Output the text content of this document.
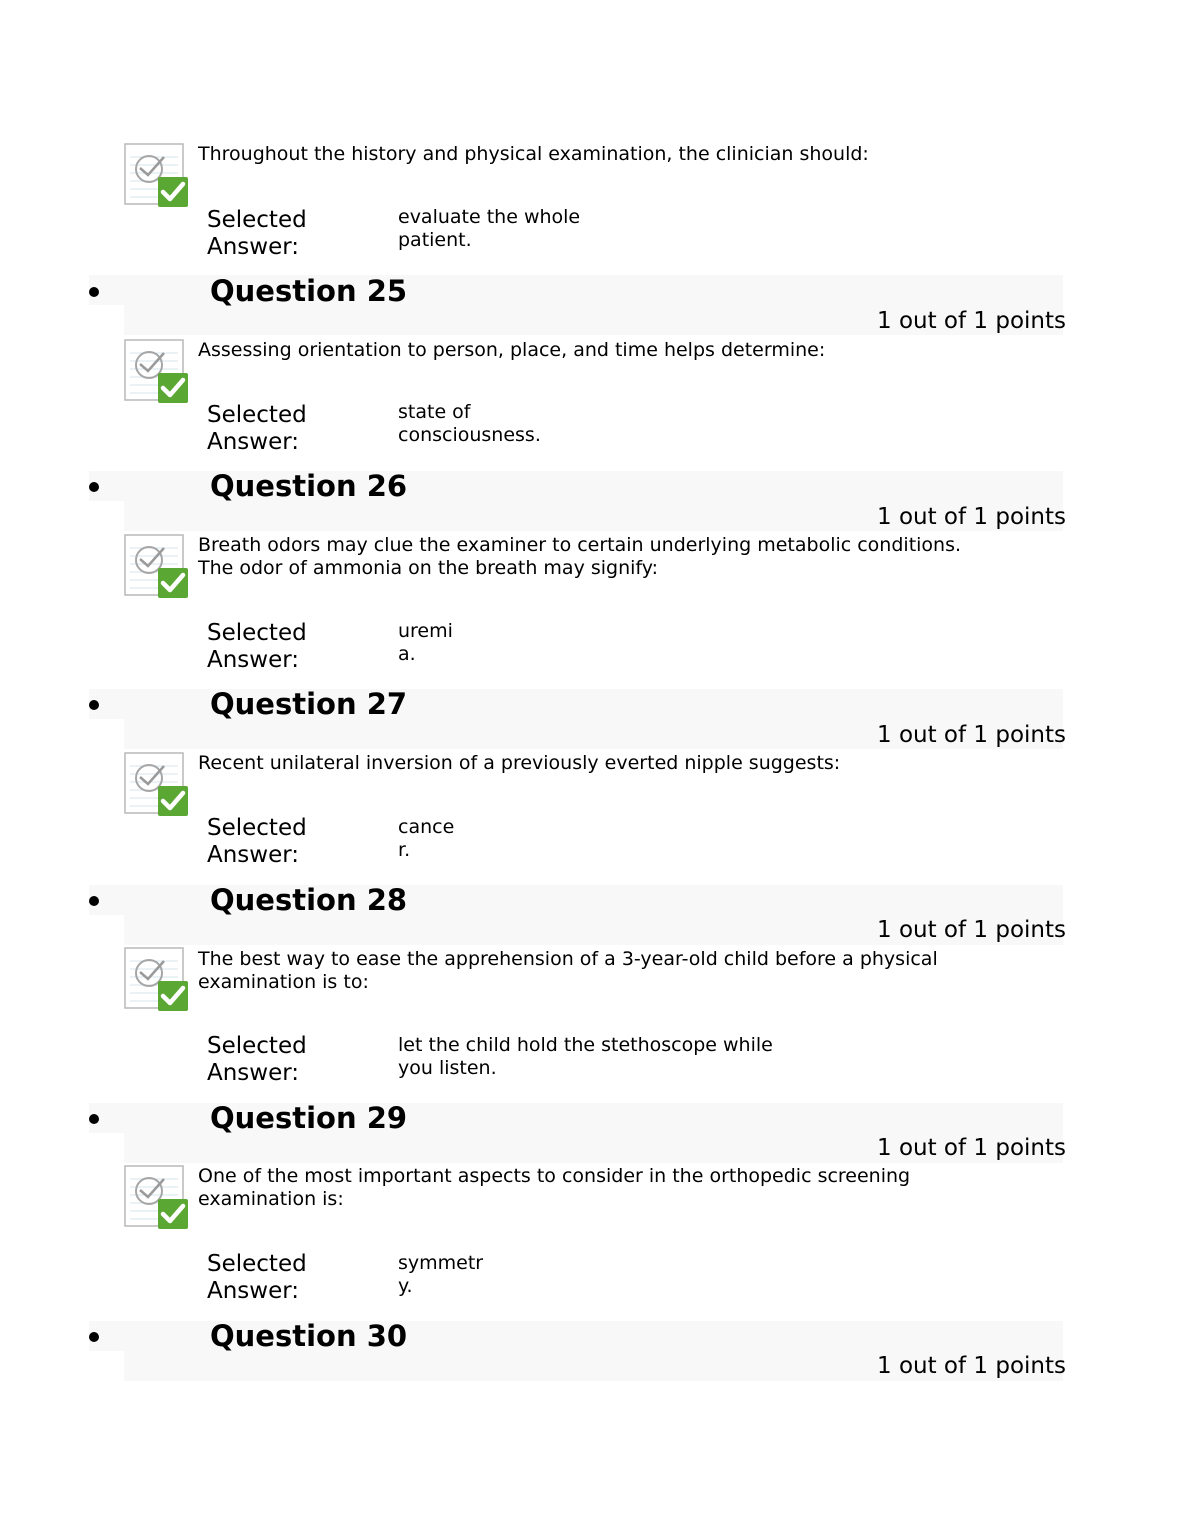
Throughout the history and physical examination, the clinician should:
Selected
Answer:
evaluate the whole
patient.
Question 25
1 out of 1 points
Assessing orientation to person, place, and time helps determine:
Selected
Answer:
state of
consciousness.
Question 26
1 out of 1 points
Breath odors may clue the examiner to certain underlying metabolic conditions.
The odor of ammonia on the breath may signify:
Selected
Answer:
uremi
a.
Question 27
1 out of 1 points
Recent unilateral inversion of a previously everted nipple suggests:
Selected
Answer:
cance
r.
Question 28
1 out of 1 points
The best way to ease the apprehension of a 3-year-old child before a physical
examination is to:
Selected
Answer:
let the child hold the stethoscope while
you listen.
Question 29
1 out of 1 points
One of the most important aspects to consider in the orthopedic screening
examination is:
Selected
Answer:
symmetr
y.
Question 30
1 out of 1 points
